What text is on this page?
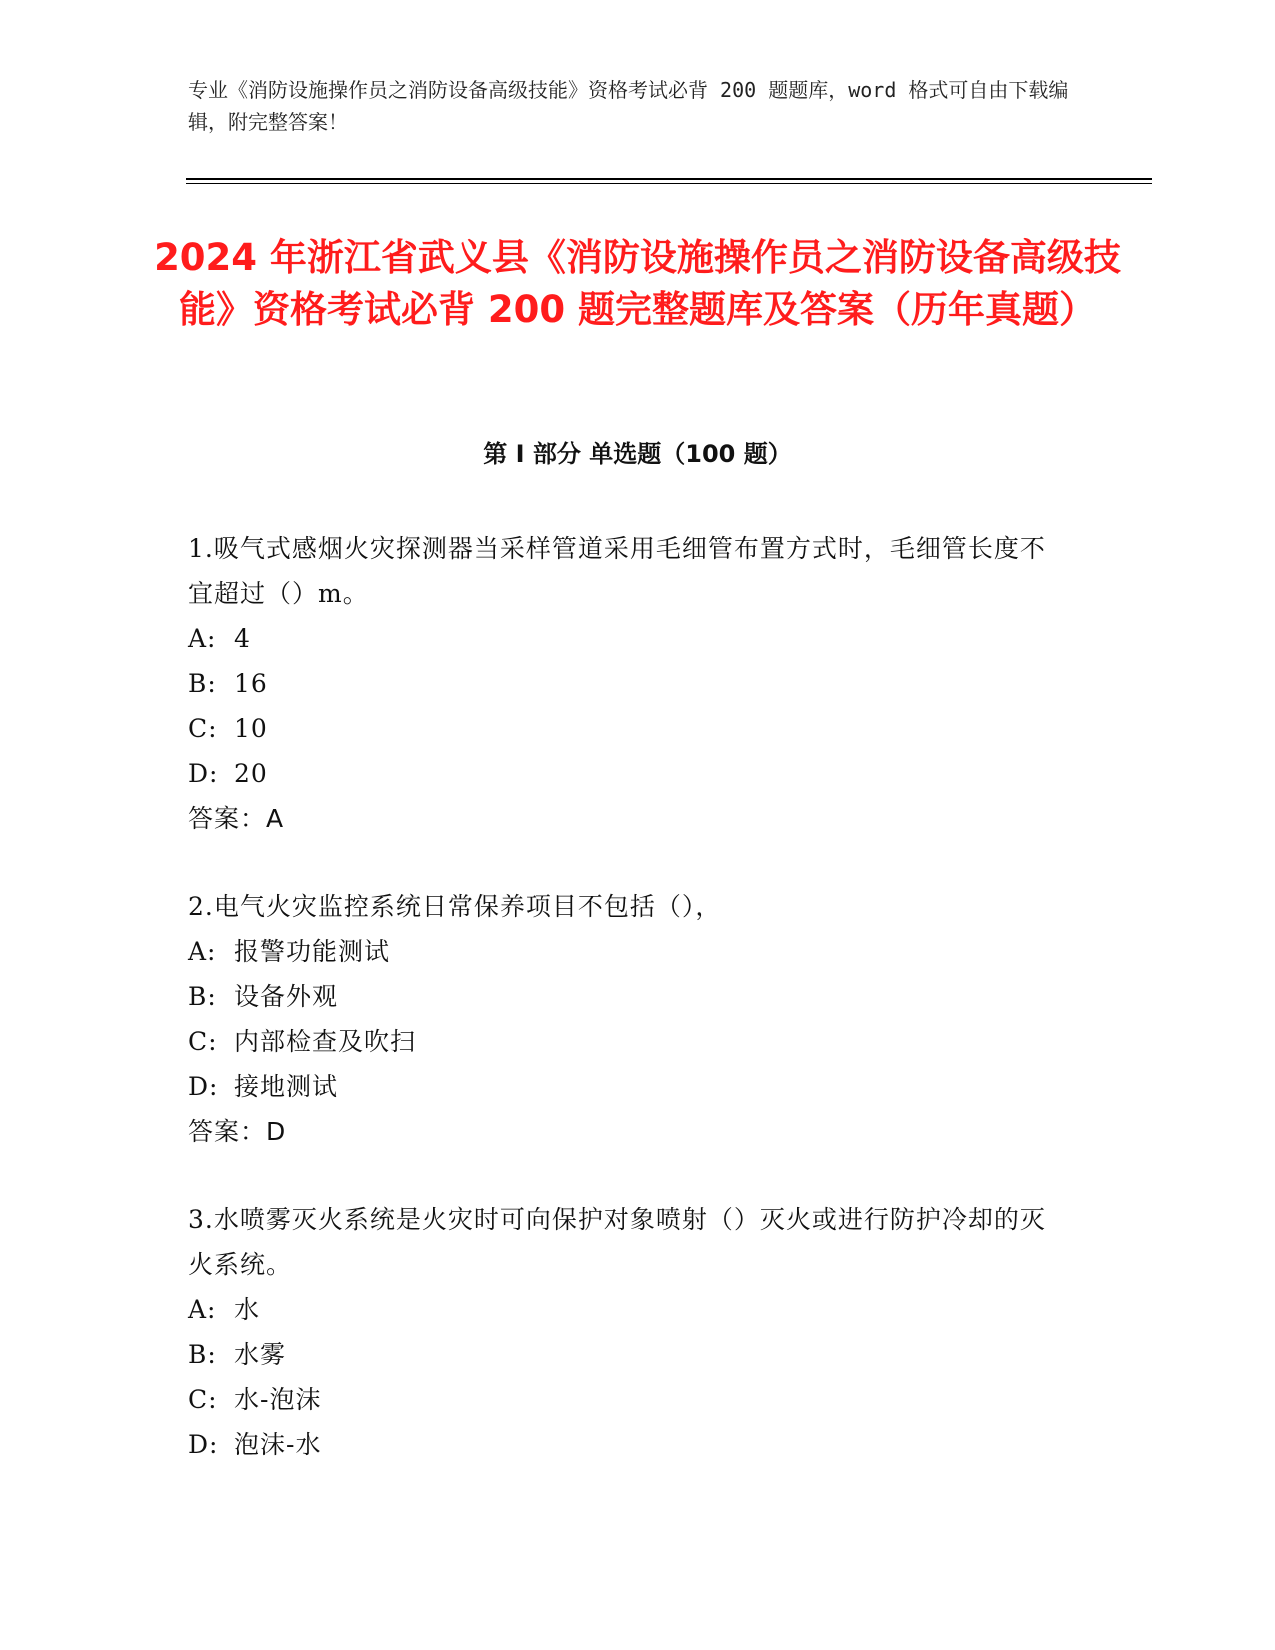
专业《消防设施操作员之消防设备高级技能》资格考试必背 200 题题库，word 格式可自由下载编辑，附完整答案！

2024 年浙江省武义县《消防设施操作员之消防设备高级技能》资格考试必背 200 题完整题库及答案（历年真题）
第 I 部分 单选题（100 题）

1.吸气式感烟火灾探测器当采样管道采用毛细管布置方式时，毛细管长度不宜超过（）m。

A: 4

B: 16

C: 10

D: 20

答案：A

2.电气火灾监控系统日常保养项目不包括（），

A: 报警功能测试

B: 设备外观

C: 内部检查及吹扫

D: 接地测试

答案：D

3.水喷雾灭火系统是火灾时可向保护对象喷射（）灭火或进行防护冷却的灭火系统。

A: 水

B: 水雾

C: 水-泡沫

D: 泡沫-水
